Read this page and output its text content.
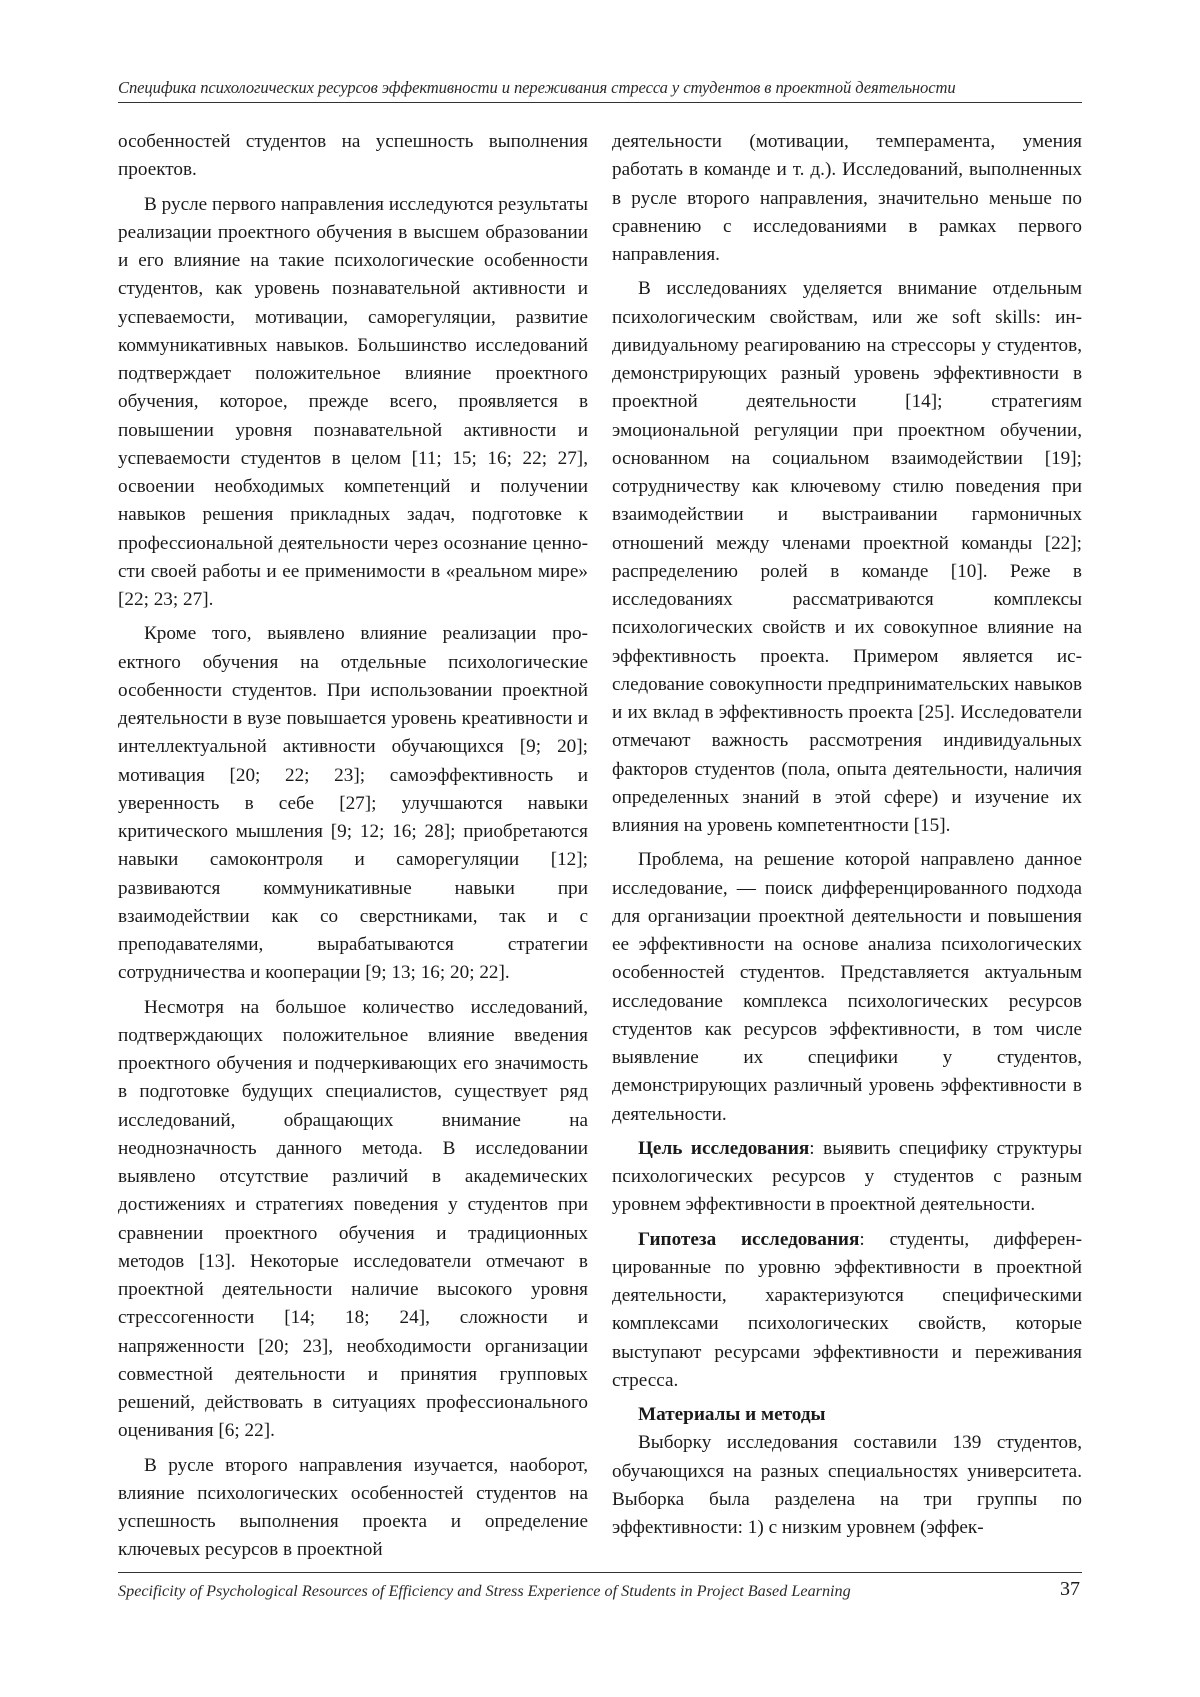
Специфика психологических ресурсов эффективности и переживания стресса у студентов в проектной деятельности

особенностей студентов на успешность выполнения проектов.

В русле первого направления исследуются результаты реализации проектного обучения в высшем образовании и его влияние на такие психологические особенности студентов, как уровень познавательной активности и успеваемости, мотивации, саморегуляции, развитие коммуникативных навыков. Большинство исследований подтверждает положительное влияние проектного обучения, которое, прежде всего, проявляется в повышении уровня познавательной активности и успеваемости студентов в целом [11; 15; 16; 22; 27], освоении необходимых компетенций и получении навыков решения прикладных задач, подготовке к профессиональной деятельности через осознание ценности своей работы и ее применимости в «реальном мире» [22; 23; 27].

Кроме того, выявлено влияние реализации проектного обучения на отдельные психологические особенности студентов. При использовании проектной деятельности в вузе повышается уровень креативности и интеллектуальной активности обучающихся [9; 20]; мотивация [20; 22; 23]; самоэффективность и уверенность в себе [27]; улучшаются навыки критического мышления [9; 12; 16; 28]; приобретаются навыки самоконтроля и саморегуляции [12]; развиваются коммуникативные навыки при взаимодействии как со сверстниками, так и с преподавателями, вырабатываются стратегии сотрудничества и кооперации [9; 13; 16; 20; 22].

Несмотря на большое количество исследований, подтверждающих положительное влияние введения проектного обучения и подчеркивающих его значимость в подготовке будущих специалистов, существует ряд исследований, обращающих внимание на неоднозначность данного метода. В исследовании выявлено отсутствие различий в академических достижениях и стратегиях поведения у студентов при сравнении проектного обучения и традиционных методов [13]. Некоторые исследователи отмечают в проектной деятельности наличие высокого уровня стрессогенности [14; 18; 24], сложности и напряженности [20; 23], необходимости организации совместной деятельности и принятия групповых решений, действовать в ситуациях профессионального оценивания [6; 22].

В русле второго направления изучается, наоборот, влияние психологических особенностей студентов на успешность выполнения проекта и определение ключевых ресурсов в проектной

деятельности (мотивации, темперамента, умения работать в команде и т. д.). Исследований, выполненных в русле второго направления, значительно меньше по сравнению с исследованиями в рамках первого направления.

В исследованиях уделяется внимание отдельным психологическим свойствам, или же soft skills: индивидуальному реагированию на стрессоры у студентов, демонстрирующих разный уровень эффективности в проектной деятельности [14]; стратегиям эмоциональной регуляции при проектном обучении, основанном на социальном взаимодействии [19]; сотрудничеству как ключевому стилю поведения при взаимодействии и выстраивании гармоничных отношений между членами проектной команды [22]; распределению ролей в команде [10]. Реже в исследованиях рассматриваются комплексы психологических свойств и их совокупное влияние на эффективность проекта. Примером является исследование совокупности предпринимательских навыков и их вклад в эффективность проекта [25]. Исследователи отмечают важность рассмотрения индивидуальных факторов студентов (пола, опыта деятельности, наличия определенных знаний в этой сфере) и изучение их влияния на уровень компетентности [15].

Проблема, на решение которой направлено данное исследование, — поиск дифференцированного подхода для организации проектной деятельности и повышения ее эффективности на основе анализа психологических особенностей студентов. Представляется актуальным исследование комплекса психологических ресурсов студентов как ресурсов эффективности, в том числе выявление их специфики у студентов, демонстрирующих различный уровень эффективности в деятельности.

Цель исследования: выявить специфику структуры психологических ресурсов у студентов с разным уровнем эффективности в проектной деятельности.

Гипотеза исследования: студенты, дифференцированные по уровню эффективности в проектной деятельности, характеризуются специфическими комплексами психологических свойств, которые выступают ресурсами эффективности и переживания стресса.

Материалы и методы

Выборку исследования составили 139 студентов, обучающихся на разных специальностях университета. Выборка была разделена на три группы по эффективности: 1) с низким уровнем (эффек-

Specificity of Psychological Resources of Efficiency and Stress Experience of Students in Project Based Learning	37
